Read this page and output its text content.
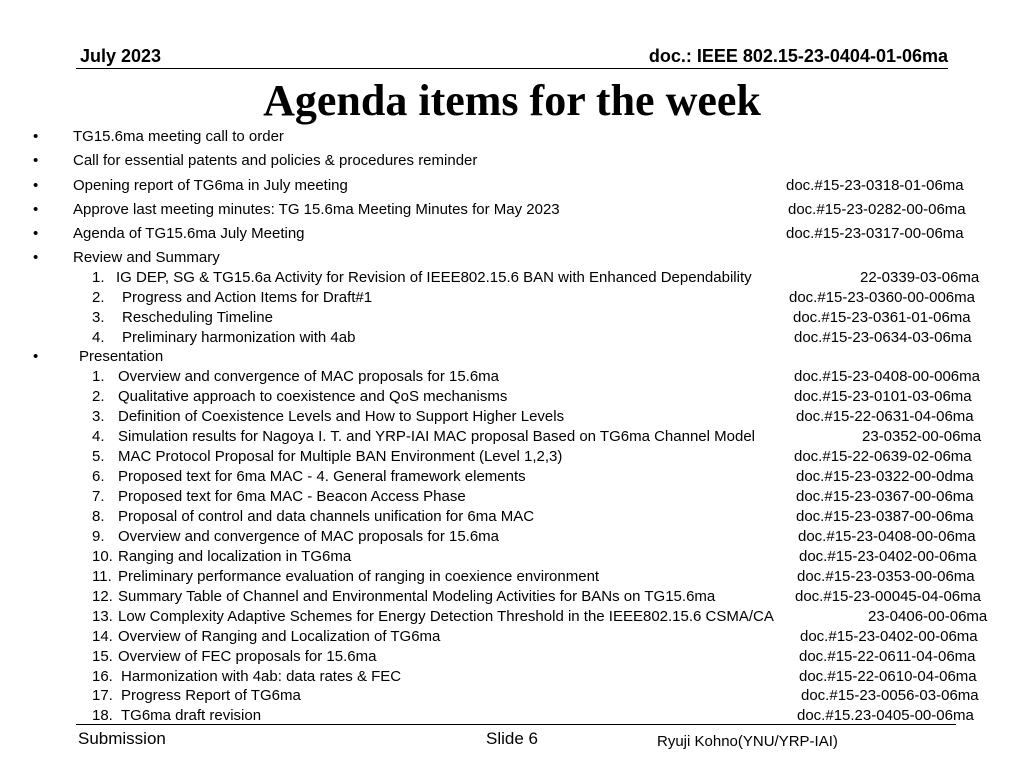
July 2023	doc.: IEEE 802.15-23-0404-01-06ma
Agenda items for the week
• TG15.6ma meeting call to order
• Call for essential patents and policies & procedures reminder
• Opening report of TG6ma in July meeting	doc.#15-23-0318-01-06ma
• Approve last meeting minutes: TG 15.6ma Meeting Minutes for May 2023	doc.#15-23-0282-00-06ma
• Agenda of TG15.6ma July Meeting	doc.#15-23-0317-00-06ma
• Review and Summary
1. IG DEP, SG & TG15.6a Activity for Revision of IEEE802.15.6 BAN with Enhanced Dependability	22-0339-03-06ma
2. Progress and Action Items for Draft#1	doc.#15-23-0360-00-006ma
3. Rescheduling Timeline	doc.#15-23-0361-01-06ma
4. Preliminary harmonization with 4ab	doc.#15-23-0634-03-06ma
•	Presentation
1. Overview and convergence of MAC proposals for 15.6ma	doc.#15-23-0408-00-006ma
2. Qualitative approach to coexistence and QoS mechanisms	doc.#15-23-0101-03-06ma
3. Definition of Coexistence Levels and How to Support Higher Levels	doc.#15-22-0631-04-06ma
4. Simulation results for Nagoya I. T. and YRP-IAI MAC proposal Based on TG6ma Channel Model	23-0352-00-06ma
5. MAC Protocol Proposal for Multiple BAN Environment (Level 1,2,3)	doc.#15-22-0639-02-06ma
6. Proposed text for 6ma MAC - 4. General framework elements	doc.#15-23-0322-00-0dma
7. Proposed text for 6ma MAC - Beacon Access Phase	doc.#15-23-0367-00-06ma
8. Proposal of control and data channels unification for 6ma MAC	doc.#15-23-0387-00-06ma
9. Overview and convergence of MAC proposals for 15.6ma	doc.#15-23-0408-00-06ma
10. Ranging and localization in TG6ma	doc.#15-23-0402-00-06ma
11. Preliminary performance evaluation of ranging in coexience environment	doc.#15-23-0353-00-06ma
12. Summary Table of Channel and Environmental Modeling Activities for BANs on TG15.6ma	doc.#15-23-00045-04-06ma
13. Low Complexity Adaptive Schemes for Energy Detection Threshold in the IEEE802.15.6 CSMA/CA	23-0406-00-06ma
14. Overview of Ranging and Localization of TG6ma	doc.#15-23-0402-00-06ma
15. Overview of FEC proposals for 15.6ma	doc.#15-22-0611-04-06ma
16. Harmonization with 4ab: data rates & FEC	doc.#15-22-0610-04-06ma
17. Progress Report of TG6ma	doc.#15-23-0056-03-06ma
18. TG6ma draft revision	doc.#15.23-0405-00-06ma
Submission	Slide 6	Ryuji Kohno(YNU/YRP-IAI)
